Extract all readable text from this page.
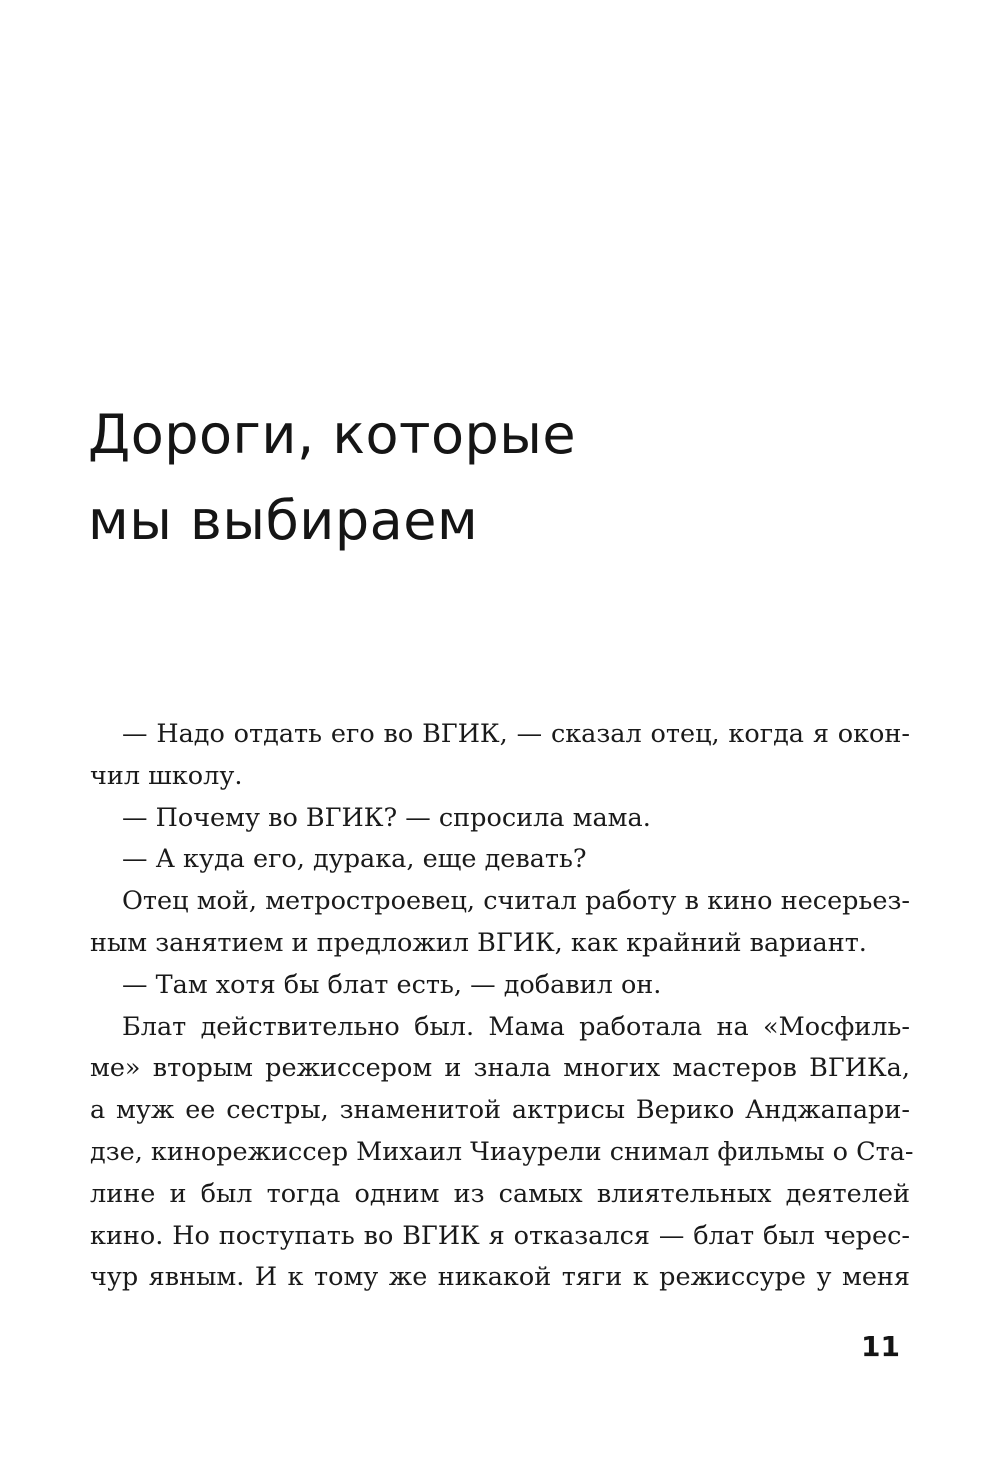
Дороги, которые
мы выбираем
— Надо отдать его во ВГИК, — сказал отец, когда я окон-
чил школу.
— Почему во ВГИК? — спросила мама.
— А куда его, дурака, еще девать?
Отец мой, метростроевец, считал работу в кино несерьез-
ным занятием и предложил ВГИК, как крайний вариант.
— Там хотя бы блат есть, — добавил он.
Блат действительно был. Мама работала на «Мосфиль-
ме» вторым режиссером и знала многих мастеров ВГИКа,
а муж ее сестры, знаменитой актрисы Верико Анджапари-
дзе, кинорежиссер Михаил Чиаурели снимал фильмы о Ста-
лине и был тогда одним из самых влиятельных деятелей
кино. Но поступать во ВГИК я отказался — блат был черес-
чур явным. И к тому же никакой тяги к режиссуре у меня
11
